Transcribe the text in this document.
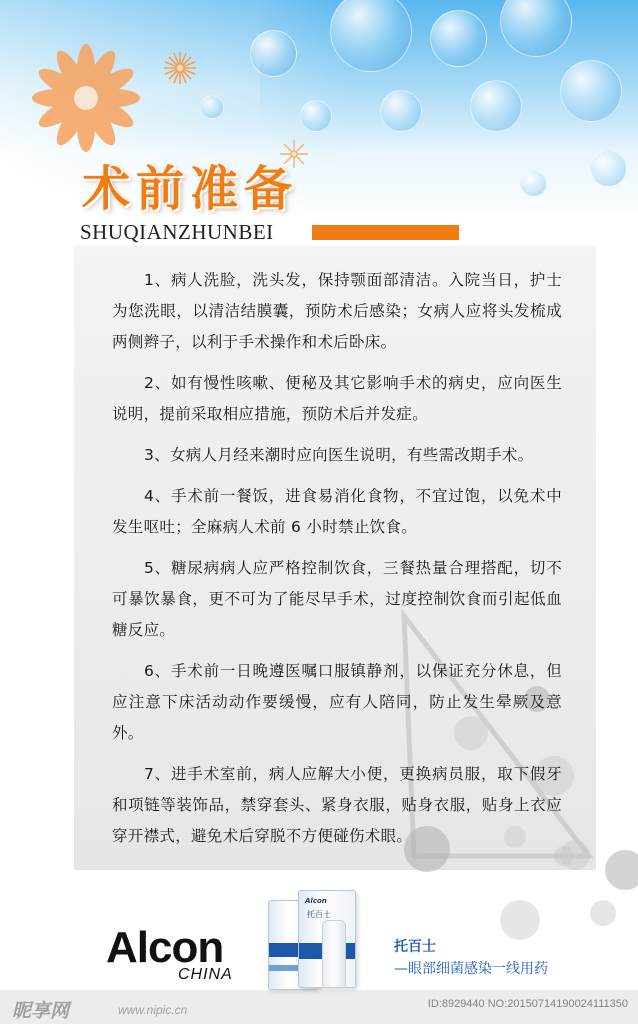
术前准备
SHUQIANZHUNBEI

1、病人洗脸，洗头发，保持颚面部清洁。入院当日，护士为您洗眼，以清洁结膜囊，预防术后感染；女病人应将头发梳成两侧辫子，以利于手术操作和术后卧床。

2、如有慢性咳嗽、便秘及其它影响手术的病史，应向医生说明，提前采取相应措施，预防术后并发症。

3、女病人月经来潮时应向医生说明，有些需改期手术。

4、手术前一餐饭，进食易消化食物，不宜过饱，以免术中发生呕吐；全麻病人术前 6 小时禁止饮食。

5、糖尿病病人应严格控制饮食，三餐热量合理搭配，切不可暴饮暴食，更不可为了能尽早手术，过度控制饮食而引起低血糖反应。

6、手术前一日晚遵医嘱口服镇静剂，以保证充分休息，但应注意下床活动动作要缓慢，应有人陪同，防止发生晕厥及意外。

7、进手术室前，病人应解大小便，更换病员服，取下假牙和项链等装饰品，禁穿套头、紧身衣服，贴身衣服，贴身上衣应穿开襟式，避免术后穿脱不方便碰伤术眼。

Alcon
CHINA
Alcon
托百士
托百士
—眼部细菌感染一线用药
昵享网	www.nipic.cn	ID:8929440 NO:20150714190024111350
